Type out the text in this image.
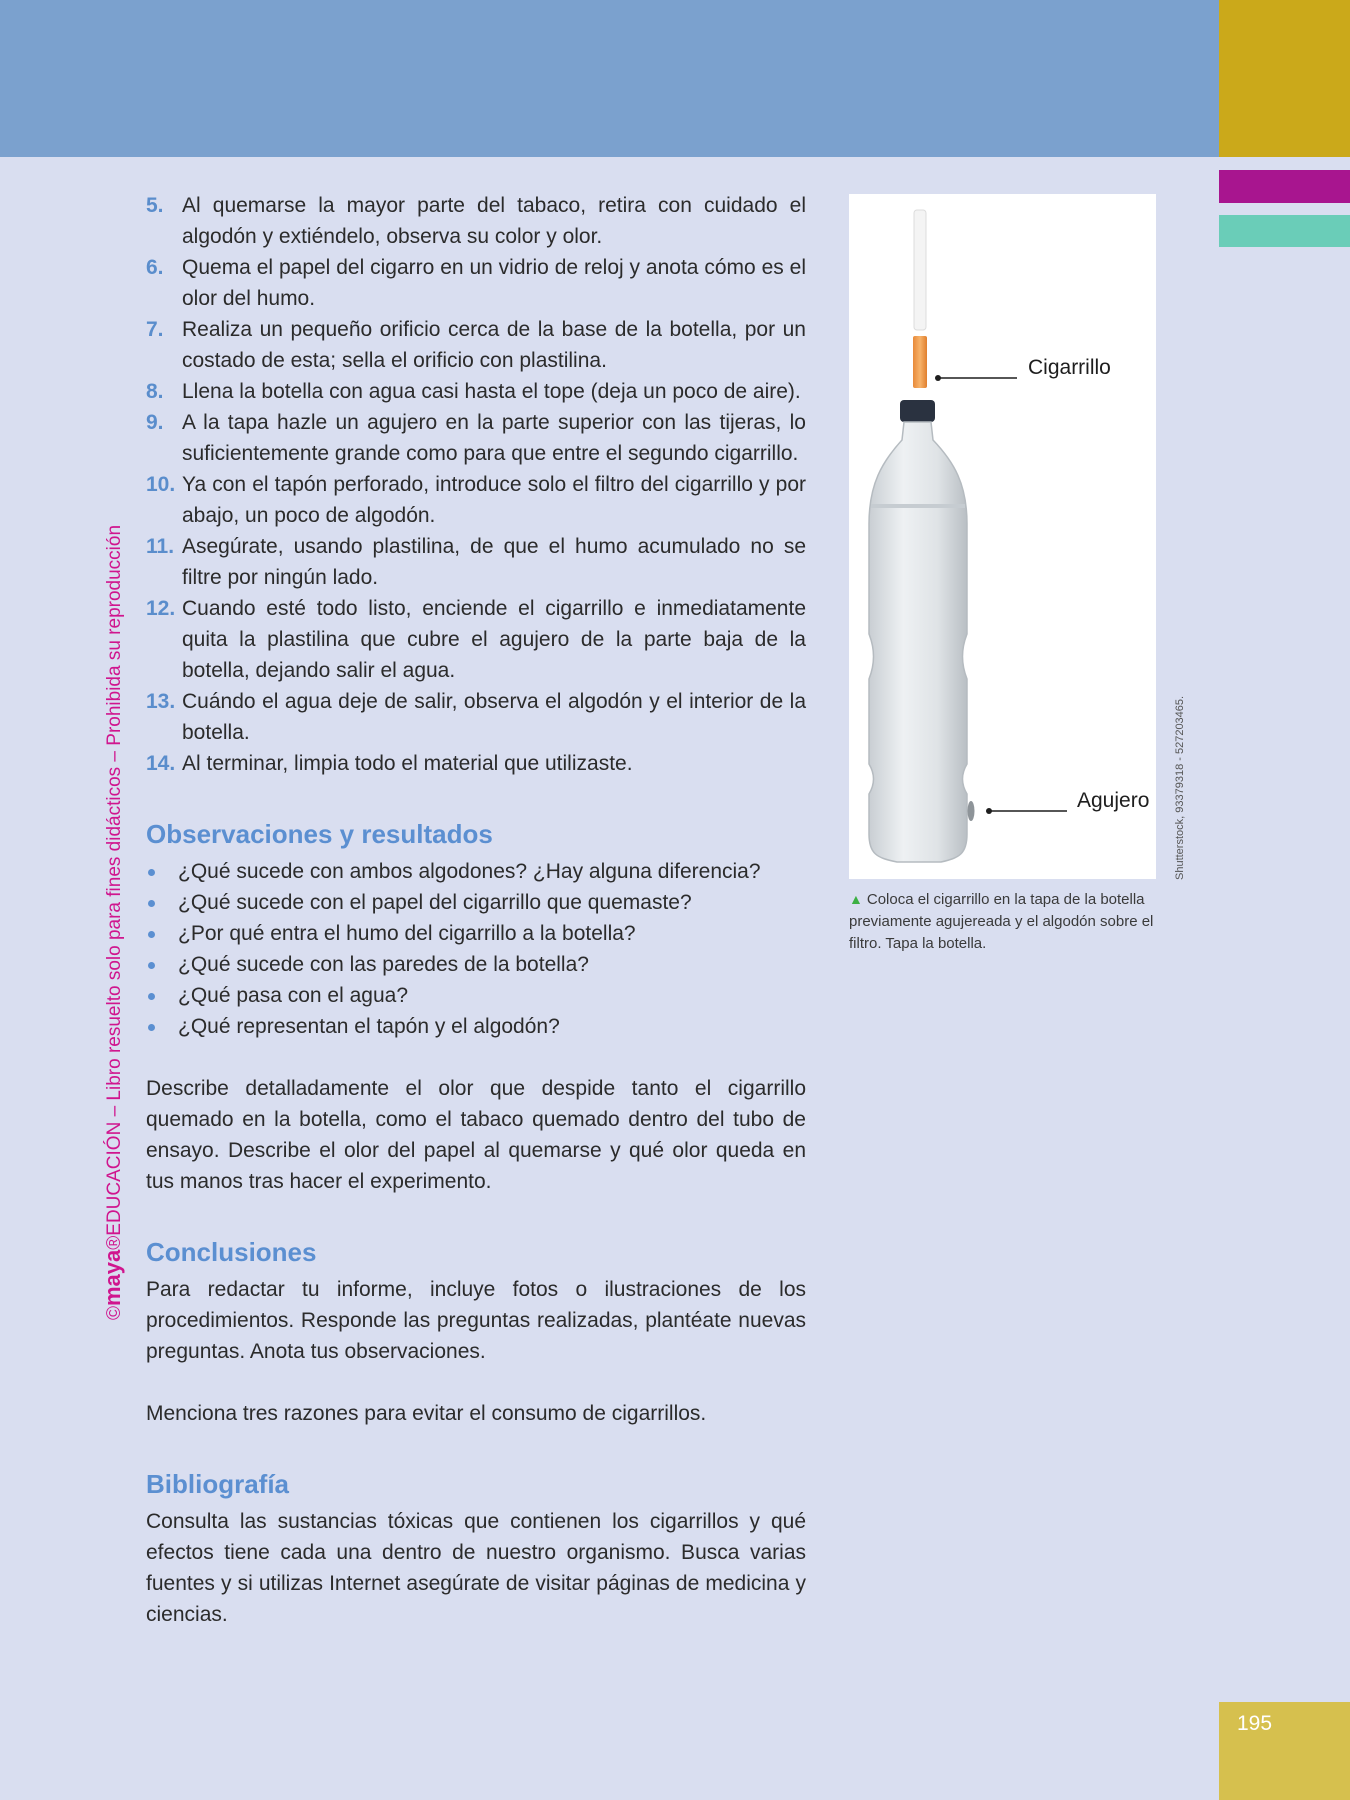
©maya®EDUCACIÓN – Libro resuelto solo para fines didácticos – Prohibida su reproducción
5. Al quemarse la mayor parte del tabaco, retira con cuidado el algodón y extiéndelo, observa su color y olor.
6. Quema el papel del cigarro en un vidrio de reloj y anota cómo es el olor del humo.
7. Realiza un pequeño orificio cerca de la base de la botella, por un costado de esta; sella el orificio con plastilina.
8. Llena la botella con agua casi hasta el tope (deja un poco de aire).
9. A la tapa hazle un agujero en la parte superior con las tijeras, lo suficientemente grande como para que entre el segundo cigarrillo.
10. Ya con el tapón perforado, introduce solo el filtro del cigarrillo y por abajo, un poco de algodón.
11. Asegúrate, usando plastilina, de que el humo acumulado no se filtre por ningún lado.
12. Cuando esté todo listo, enciende el cigarrillo e inmediatamente quita la plastilina que cubre el agujero de la parte baja de la botella, dejando salir el agua.
13. Cuándo el agua deje de salir, observa el algodón y el interior de la botella.
14. Al terminar, limpia todo el material que utilizaste.
Observaciones y resultados
¿Qué sucede con ambos algodones? ¿Hay alguna diferencia?
¿Qué sucede con el papel del cigarrillo que quemaste?
¿Por qué entra el humo del cigarrillo a la botella?
¿Qué sucede con las paredes de la botella?
¿Qué pasa con el agua?
¿Qué representan el tapón y el algodón?

Describe detalladamente el olor que despide tanto el cigarrillo quemado en la botella, como el tabaco quemado dentro del tubo de ensayo. Describe el olor del papel al quemarse y qué olor queda en tus manos tras hacer el experimento.

Conclusiones

Para redactar tu informe, incluye fotos o ilustraciones de los procedimientos. Responde las preguntas realizadas, plantéate nuevas preguntas. Anota tus observaciones.

Menciona tres razones para evitar el consumo de cigarrillos.

Bibliografía

Consulta las sustancias tóxicas que contienen los cigarrillos y qué efectos tiene cada una dentro de nuestro organismo. Busca varias fuentes y si utilizas Internet asegúrate de visitar páginas de medicina y ciencias.

Cigarrillo
Agujero Shutterstock, 93379318 - 527203465.
▲ Coloca el cigarrillo en la tapa de la botella previamente agujereada y el algodón sobre el filtro. Tapa la botella.
195
